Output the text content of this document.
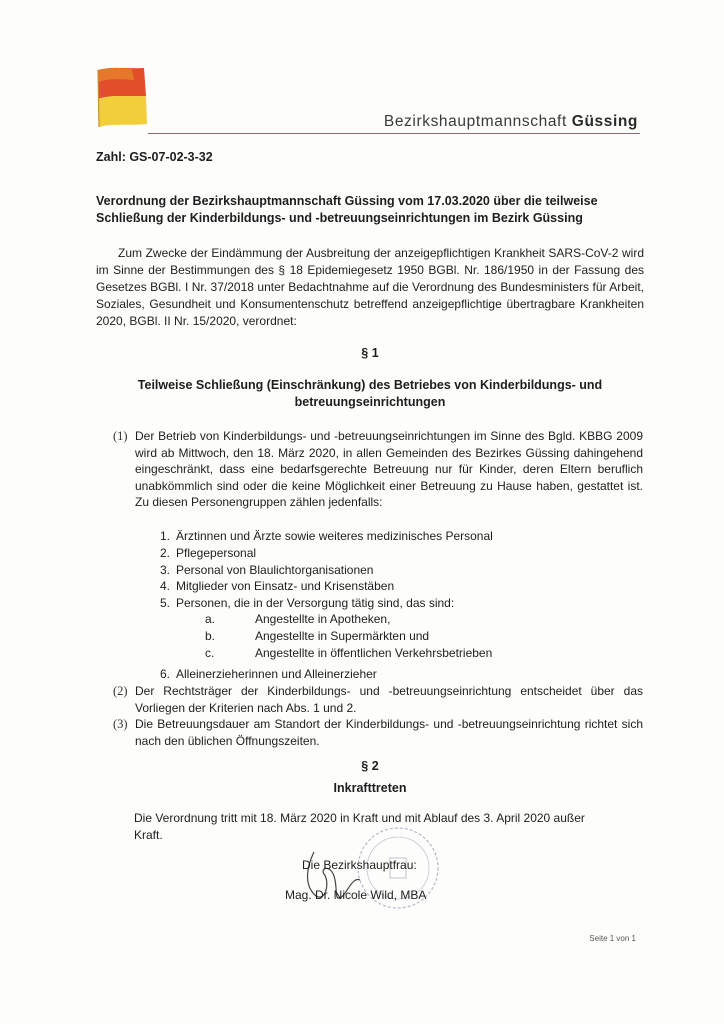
Bezirkshauptmannschaft Güssing
Zahl: GS-07-02-3-32
Verordnung der Bezirkshauptmannschaft Güssing vom 17.03.2020 über die teilweise Schließung der Kinderbildungs- und -betreuungseinrichtungen im Bezirk Güssing
Zum Zwecke der Eindämmung der Ausbreitung der anzeigepflichtigen Krankheit SARS-CoV-2 wird im Sinne der Bestimmungen des § 18 Epidemiegesetz 1950 BGBl. Nr. 186/1950 in der Fassung des Gesetzes BGBl. I Nr. 37/2018 unter Bedachtnahme auf die Verordnung des Bundesministers für Arbeit, Soziales, Gesundheit und Konsumentenschutz betreffend anzeigepflichtige übertragbare Krankheiten 2020, BGBl. II Nr. 15/2020, verordnet:
§ 1
Teilweise Schließung (Einschränkung) des Betriebes von Kinderbildungs- und betreuungseinrichtungen
(1) Der Betrieb von Kinderbildungs- und -betreuungseinrichtungen im Sinne des Bgld. KBBG 2009 wird ab Mittwoch, den 18. März 2020, in allen Gemeinden des Bezirkes Güssing dahingehend eingeschränkt, dass eine bedarfsgerechte Betreuung nur für Kinder, deren Eltern beruflich unabkömmlich sind oder die keine Möglichkeit einer Betreuung zu Hause haben, gestattet ist. Zu diesen Personengruppen zählen jedenfalls:
1. Ärztinnen und Ärzte sowie weiteres medizinisches Personal
2. Pflegepersonal
3. Personal von Blaulichtorganisationen
4. Mitglieder von Einsatz- und Krisenstäben
5. Personen, die in der Versorgung tätig sind, das sind:
a.	Angestellte in Apotheken,
b.	Angestellte in Supermärkten und
c.	Angestellte in öffentlichen Verkehrsbetrieben
6. Alleinerzieherinnen und Alleinerzieher
(2) Der Rechtsträger der Kinderbildungs- und -betreuungseinrichtung entscheidet über das Vorliegen der Kriterien nach Abs. 1 und 2.
(3) Die Betreuungsdauer am Standort der Kinderbildungs- und -betreuungseinrichtung richtet sich nach den üblichen Öffnungszeiten.
§ 2
Inkrafttreten
Die Verordnung tritt mit 18. März 2020 in Kraft und mit Ablauf des 3. April 2020 außer Kraft.
Die Bezirkshauptfrau:
Mag. Dr. Nicole Wild, MBA
Seite 1 von 1
